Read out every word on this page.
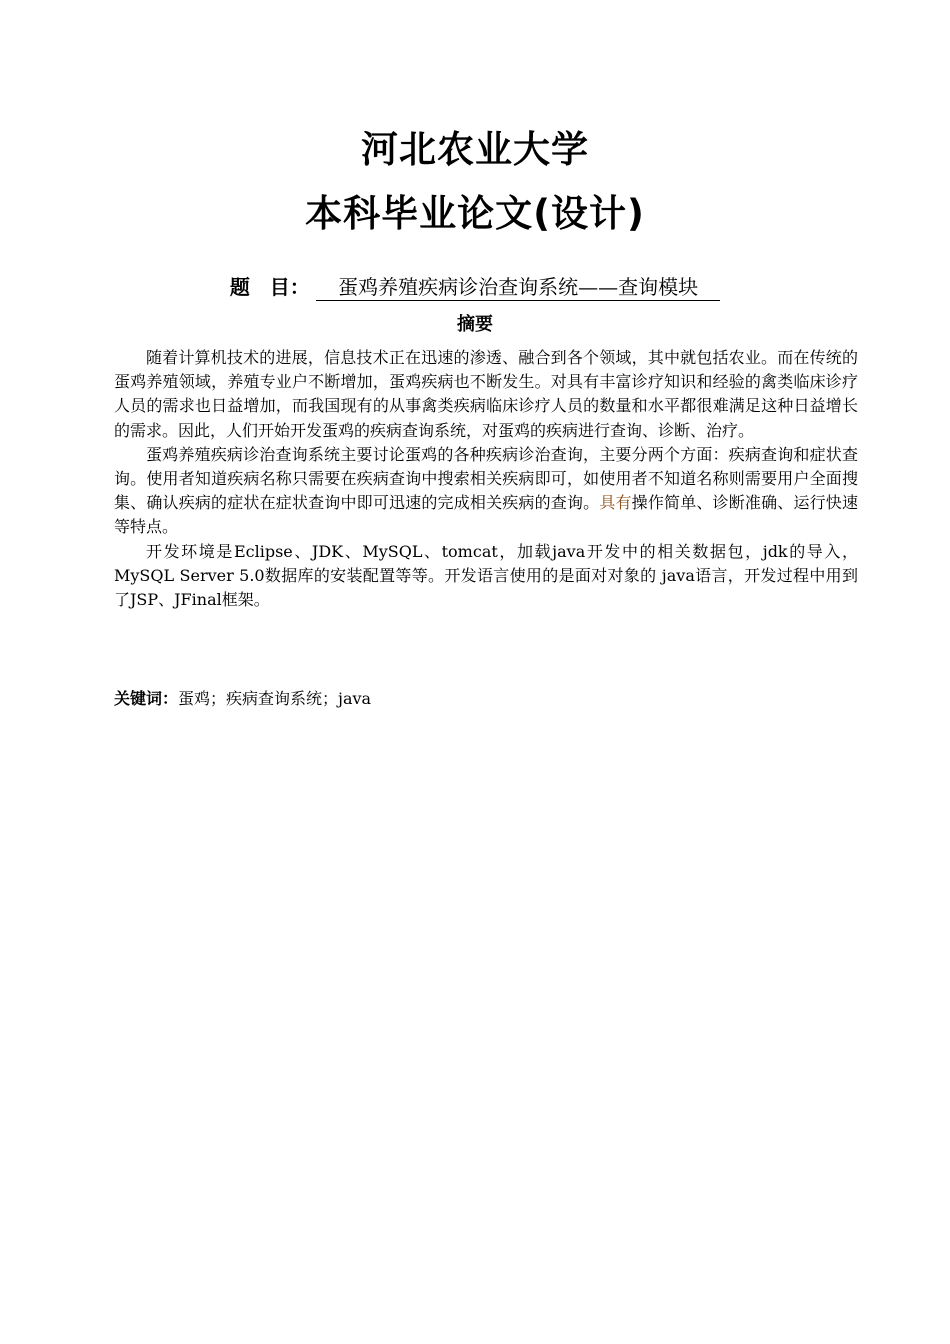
河北农业大学
本科毕业论文(设计)
题　目： 蛋鸡养殖疾病诊治查询系统——查询模块
摘要

随着计算机技术的进展，信息技术正在迅速的渗透、融合到各个领域，其中就包括农业。而在传统的蛋鸡养殖领域，养殖专业户不断增加，蛋鸡疾病也不断发生。对具有丰富诊疗知识和经验的禽类临床诊疗人员的需求也日益增加，而我国现有的从事禽类疾病临床诊疗人员的数量和水平都很难满足这种日益增长的需求。因此，人们开始开发蛋鸡的疾病查询系统，对蛋鸡的疾病进行查询、诊断、治疗。

蛋鸡养殖疾病诊治查询系统主要讨论蛋鸡的各种疾病诊治查询，主要分两个方面：疾病查询和症状查询。使用者知道疾病名称只需要在疾病查询中搜索相关疾病即可，如使用者不知道名称则需要用户全面搜集、确认疾病的症状在症状查询中即可迅速的完成相关疾病的查询。具有操作简单、诊断准确、运行快速等特点。

开发环境是Eclipse、JDK、MySQL、tomcat，加载java开发中的相关数据包，jdk的导入，MySQL Server 5.0数据库的安装配置等等。开发语言使用的是面对对象的 java语言，开发过程中用到了JSP、JFinal框架。

关键词：蛋鸡；疾病查询系统；java
